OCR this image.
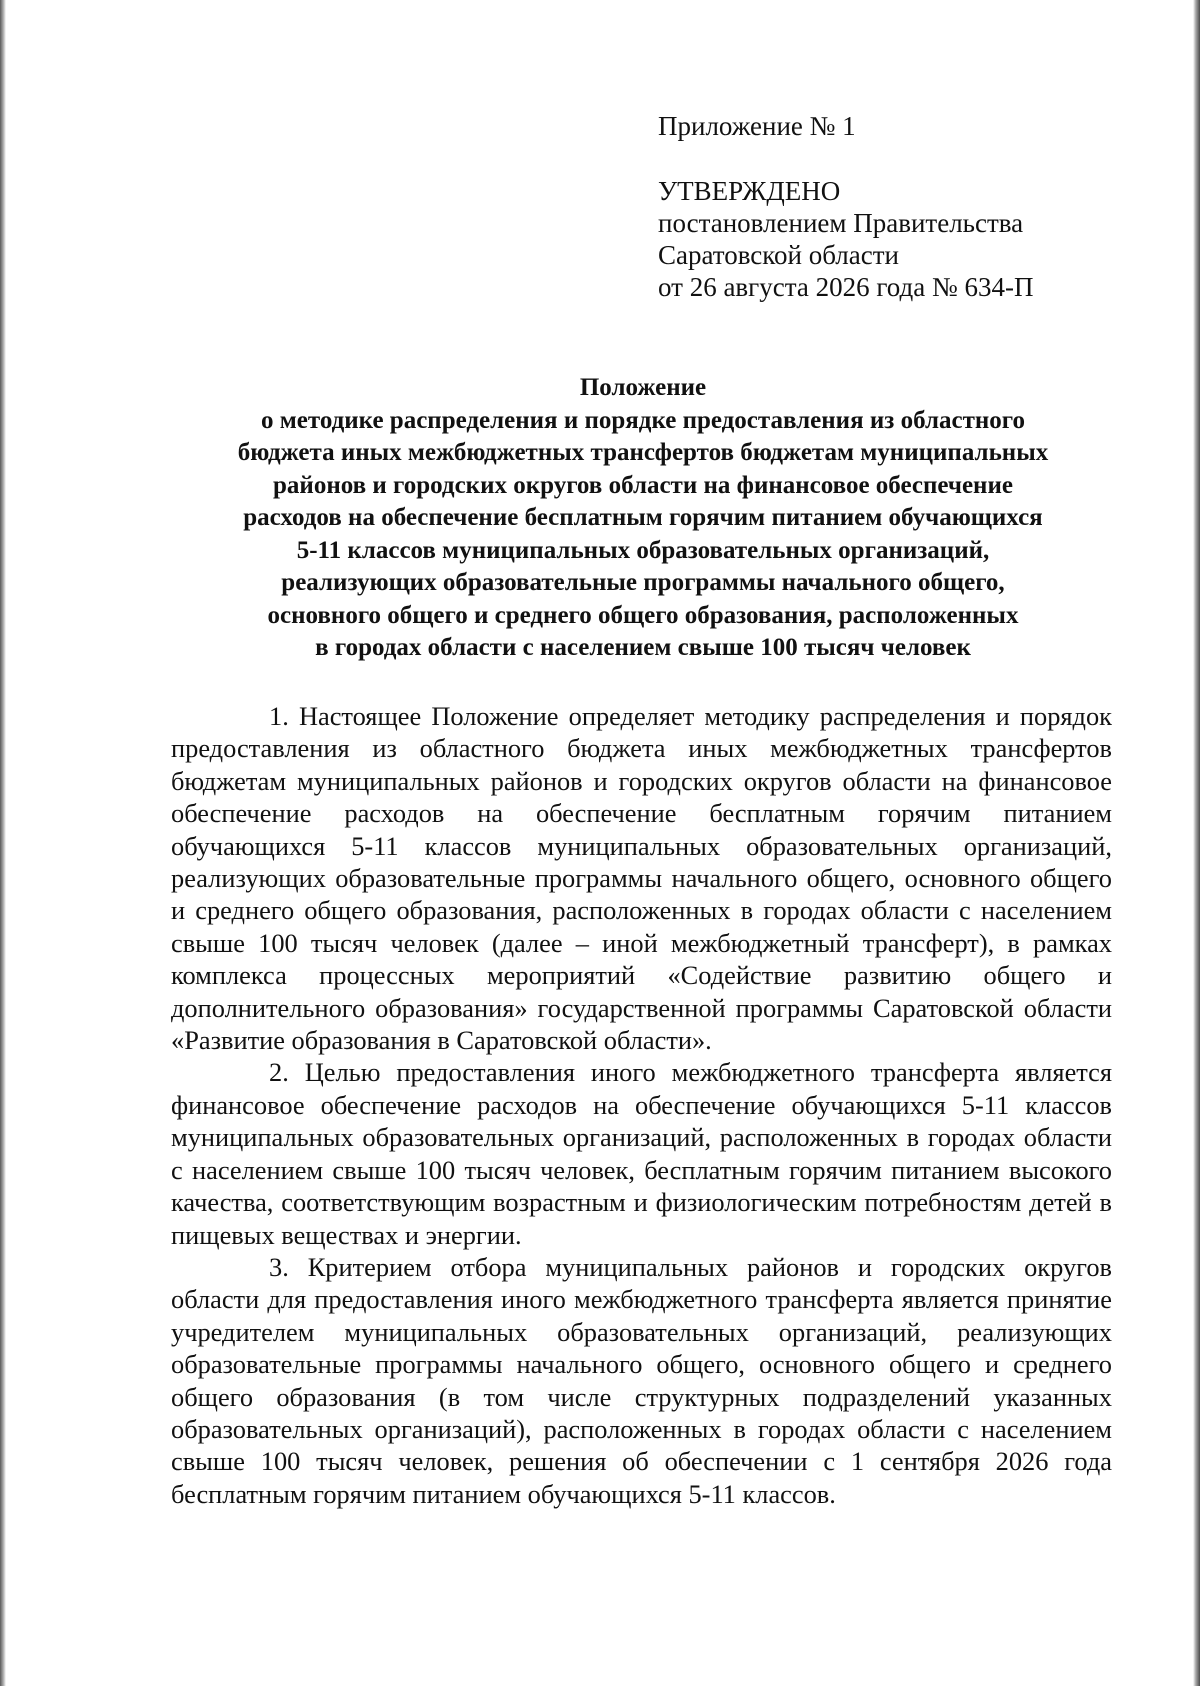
Приложение № 1
УТВЕРЖДЕНО
постановлением Правительства
Саратовской области
от 26 августа 2026 года № 634-П
Положение
о методике распределения и порядке предоставления из областного
бюджета иных межбюджетных трансфертов бюджетам муниципальных
районов и городских округов области на финансовое обеспечение
расходов на обеспечение бесплатным горячим питанием обучающихся
5-11 классов муниципальных образовательных организаций,
реализующих образовательные программы начального общего,
основного общего и среднего общего образования, расположенных
в городах области с населением свыше 100 тысяч человек

1. Настоящее Положение определяет методику распределения и порядок предоставления из областного бюджета иных межбюджетных трансфертов бюджетам муниципальных районов и городских округов области на финансовое обеспечение расходов на обеспечение бесплатным горячим питанием обучающихся 5-11 классов муниципальных образовательных организаций, реализующих образовательные программы начального общего, основного общего и среднего общего образования, расположенных в городах области с населением свыше 100 тысяч человек (далее – иной межбюджетный трансферт), в рамках комплекса процессных мероприятий «Содействие развитию общего и дополнительного образования» государственной программы Саратовской области «Развитие образования в Саратовской области».

2. Целью предоставления иного межбюджетного трансферта является финансовое обеспечение расходов на обеспечение обучающихся 5-11 классов муниципальных образовательных организаций, расположенных в городах области с населением свыше 100 тысяч человек, бесплатным горячим питанием высокого качества, соответствующим возрастным и физиологическим потребностям детей в пищевых веществах и энергии.

3. Критерием отбора муниципальных районов и городских округов области для предоставления иного межбюджетного трансферта является принятие учредителем муниципальных образовательных организаций, реализующих образовательные программы начального общего, основного общего и среднего общего образования (в том числе структурных подразделений указанных образовательных организаций), расположенных в городах области с населением свыше 100 тысяч человек, решения об обеспечении с 1 сентября 2026 года бесплатным горячим питанием обучающихся 5-11 классов.
